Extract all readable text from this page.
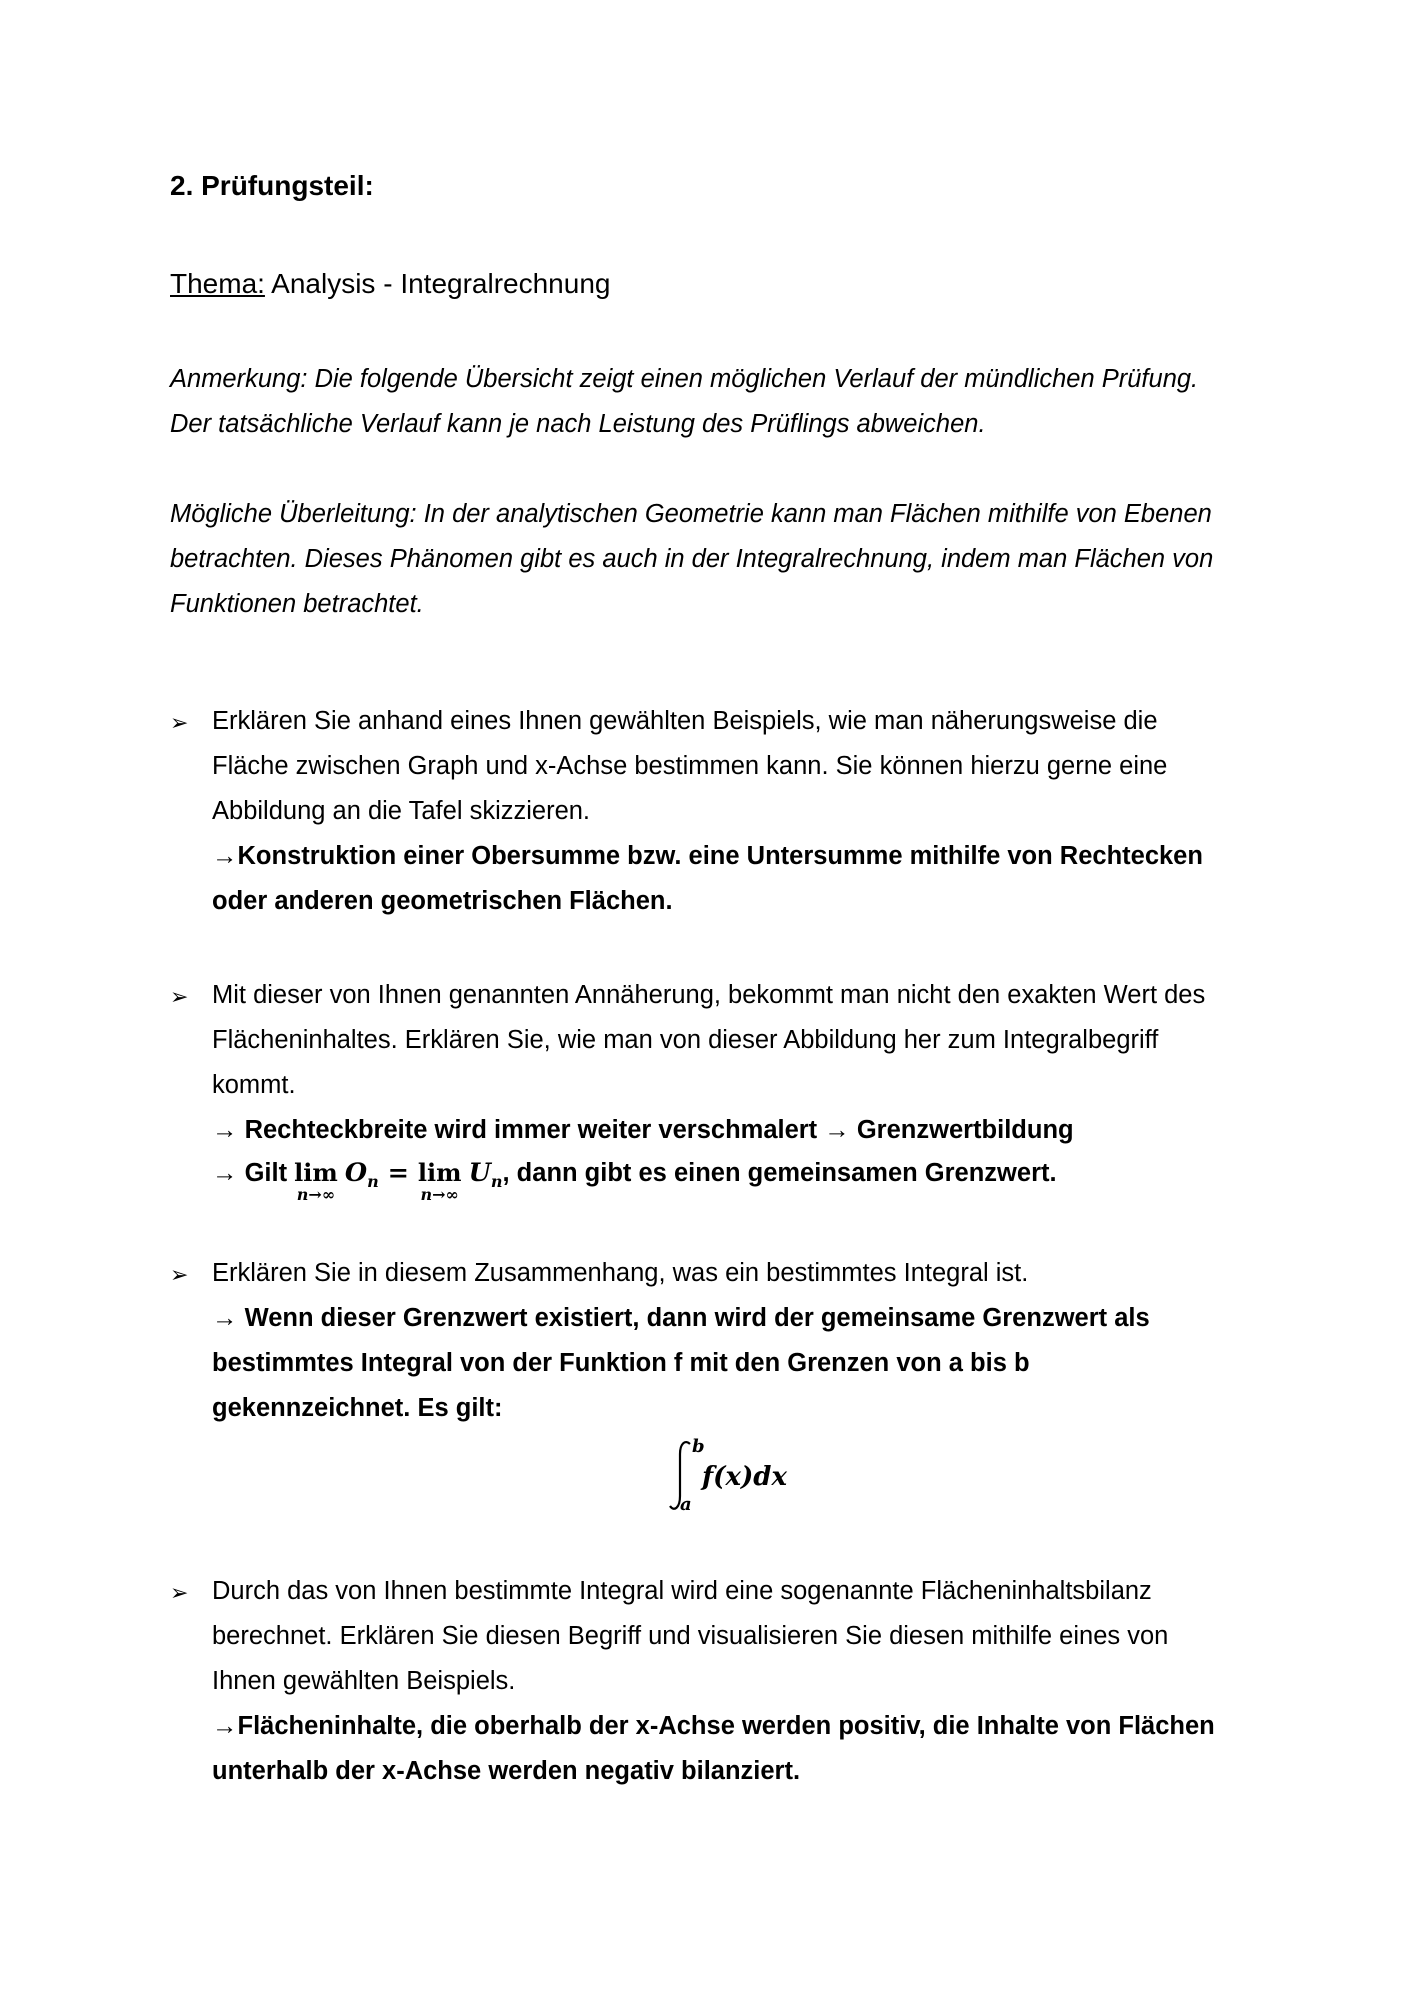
2. Prüfungsteil:
Thema: Analysis - Integralrechnung
Anmerkung: Die folgende Übersicht zeigt einen möglichen Verlauf der mündlichen Prüfung.
Der tatsächliche Verlauf kann je nach Leistung des Prüflings abweichen.
Mögliche Überleitung: In der analytischen Geometrie kann man Flächen mithilfe von Ebenen
betrachten. Dieses Phänomen gibt es auch in der Integralrechnung, indem man Flächen von
Funktionen betrachtet.
➢ Erklären Sie anhand eines Ihnen gewählten Beispiels, wie man näherungsweise die
Fläche zwischen Graph und x-Achse bestimmen kann. Sie können hierzu gerne eine
Abbildung an die Tafel skizzieren.
→Konstruktion einer Obersumme bzw. eine Untersumme mithilfe von Rechtecken
oder anderen geometrischen Flächen.
➢ Mit dieser von Ihnen genannten Annäherung, bekommt man nicht den exakten Wert des
Flächeninhaltes. Erklären Sie, wie man von dieser Abbildung her zum Integralbegriff
kommt.
→ Rechteckbreite wird immer weiter verschmalert → Grenzwertbildung
→ Gilt lim
n→∞
$O_n = \lim$
n→∞
$U_n$, dann gibt es einen gemeinsamen Grenzwert.
➢ Erklären Sie in diesem Zusammenhang, was ein bestimmtes Integral ist.
→ Wenn dieser Grenzwert existiert, dann wird der gemeinsame Grenzwert als
bestimmtes Integral von der Funktion f mit den Grenzen von a bis b
gekennzeichnet. Es gilt:
b
a
f(x)dx
➢ Durch das von Ihnen bestimmte Integral wird eine sogenannte Flächeninhaltsbilanz
berechnet. Erklären Sie diesen Begriff und visualisieren Sie diesen mithilfe eines von
Ihnen gewählten Beispiels.
→Flächeninhalte, die oberhalb der x-Achse werden positiv, die Inhalte von Flächen
unterhalb der x-Achse werden negativ bilanziert.
